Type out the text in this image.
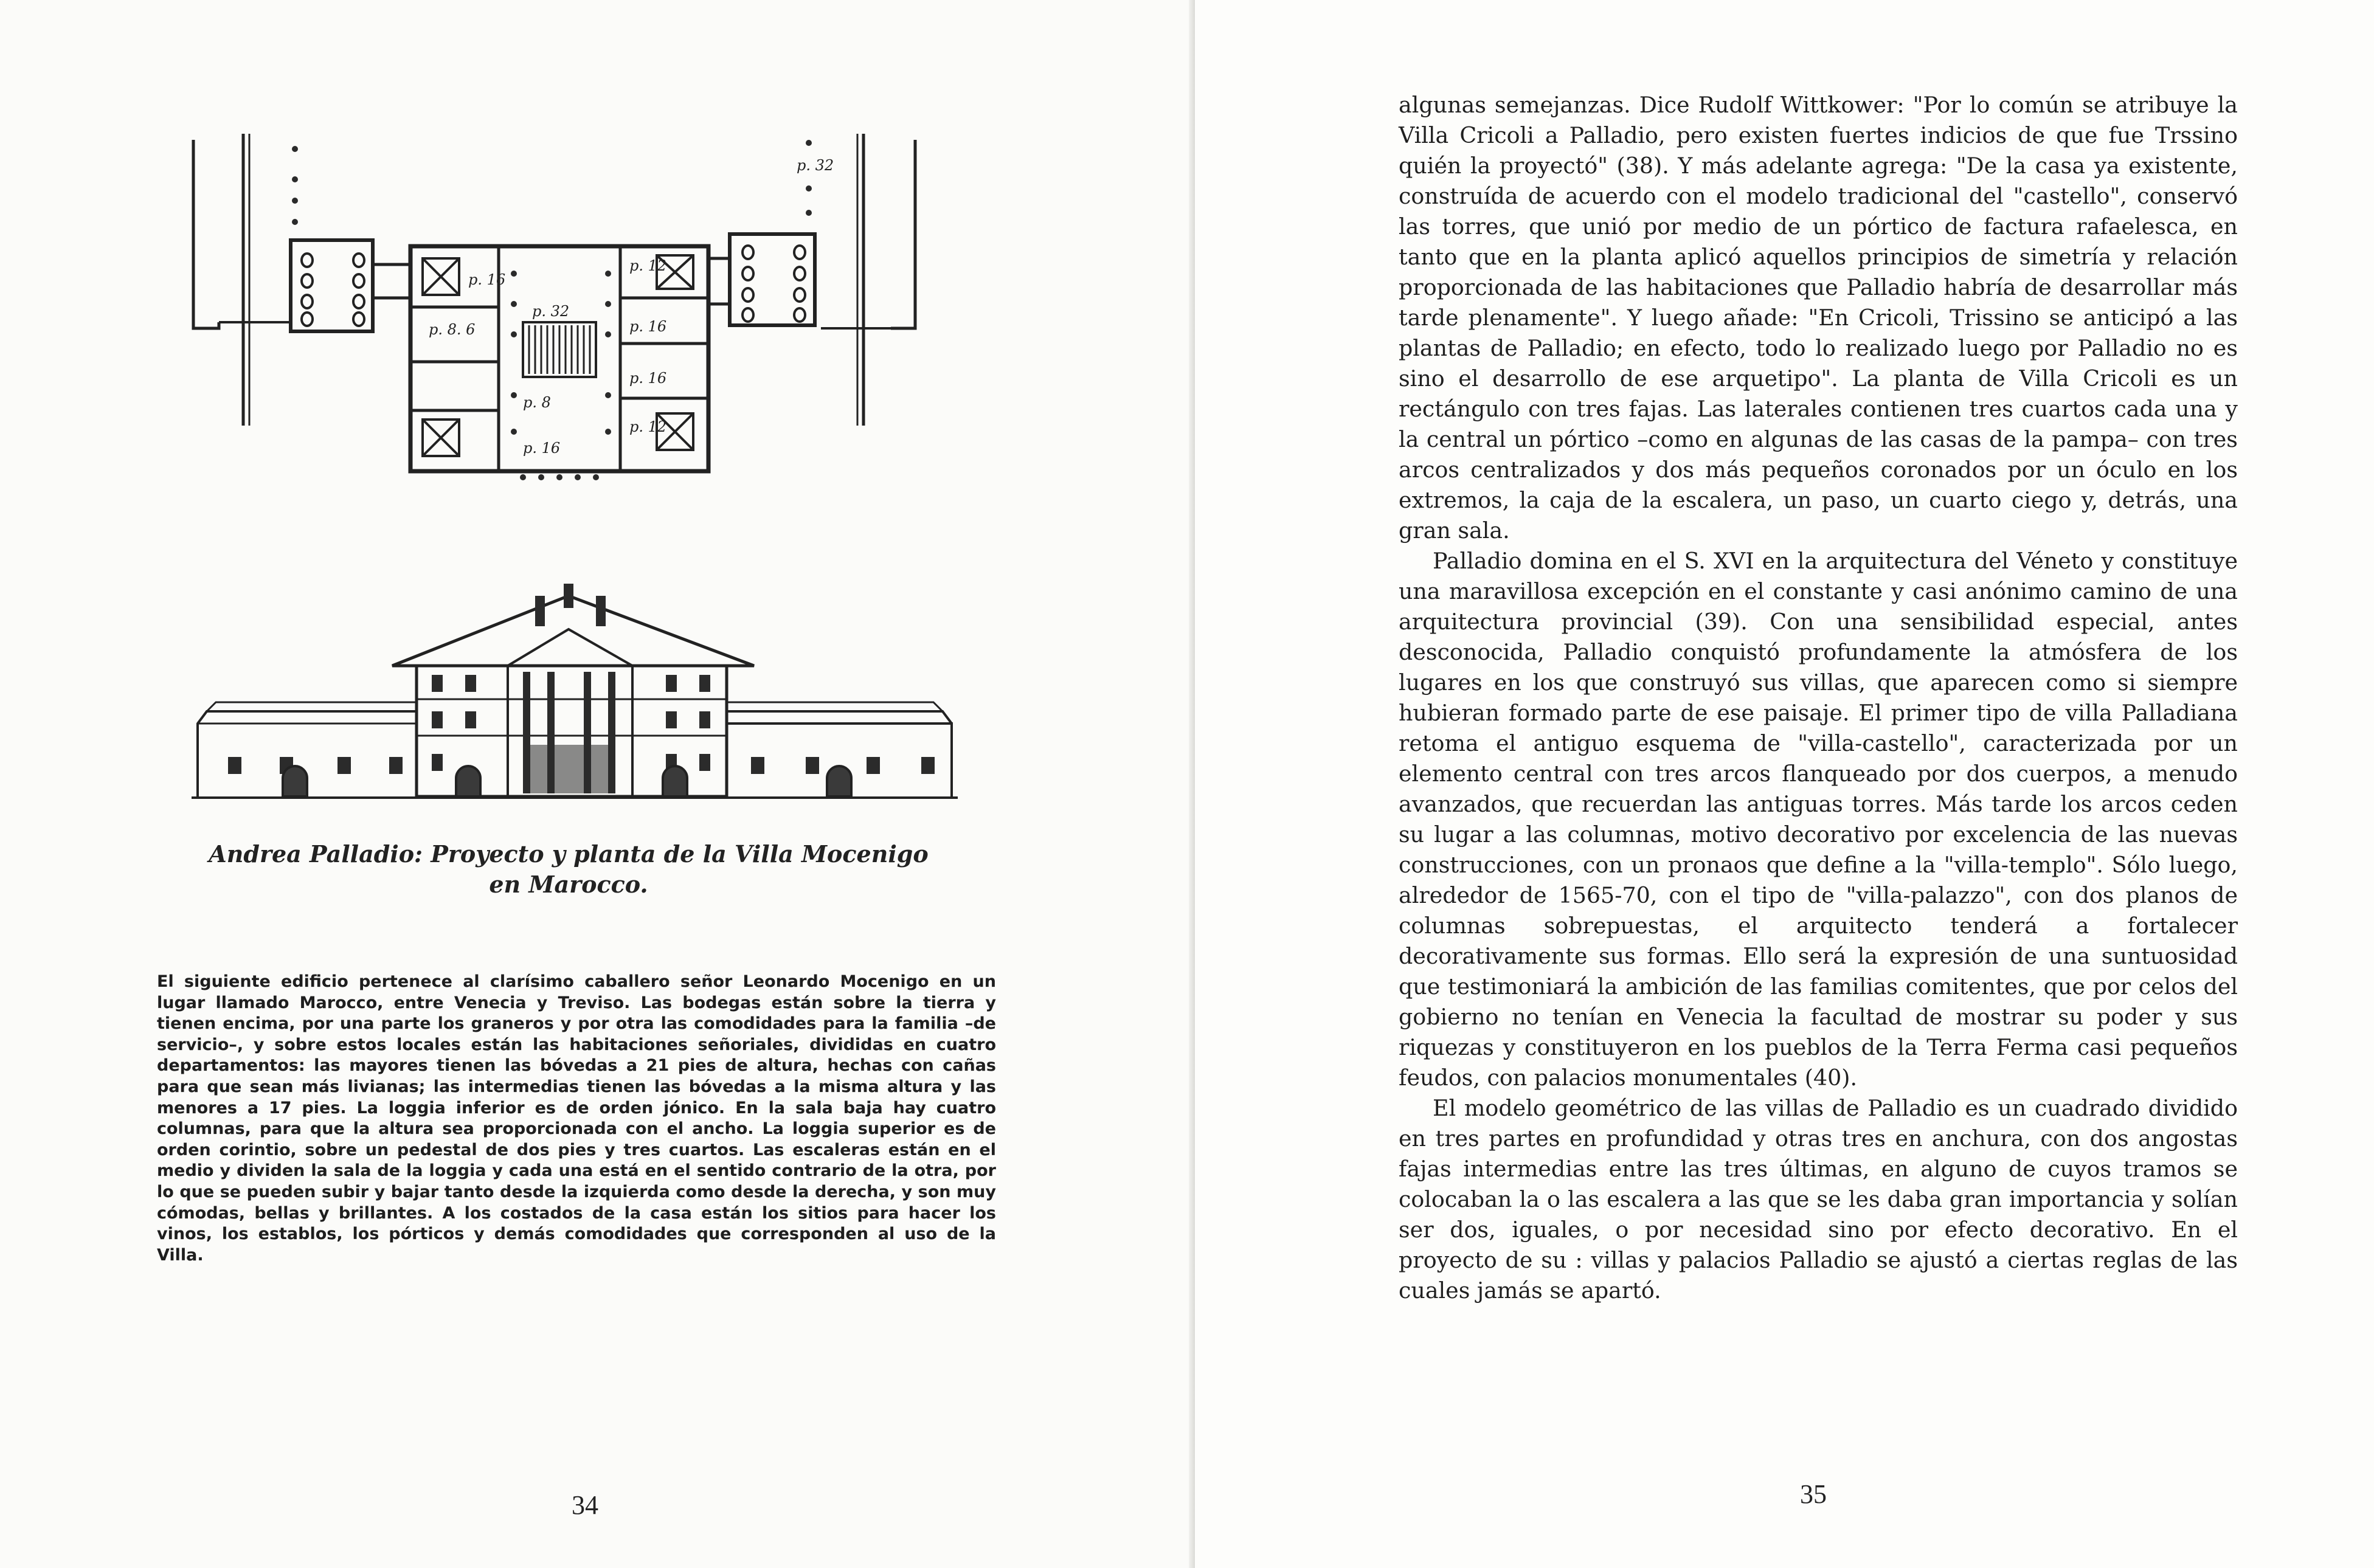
p. 16
p. 32
p. 8. 6
p. 12
p. 16
p. 16
p. 12
p. 8
p. 16
p. 32

Andrea Palladio: Proyecto y planta de la Villa Mocenigo
en Marocco.

El siguiente edificio pertenece al clarísimo caballero señor Leonardo Mocenigo en un lugar llamado Marocco, entre Venecia y Treviso. Las bodegas están sobre la tierra y tienen encima, por una parte los graneros y por otra las comodidades para la familia –de servicio–, y sobre estos locales están las habitaciones señoriales, divididas en cuatro departamentos: las mayores tienen las bóvedas a 21 pies de altura, hechas con cañas para que sean más livianas; las intermedias tienen las bóvedas a la misma altura y las menores a 17 pies. La loggia inferior es de orden jónico. En la sala baja hay cuatro columnas, para que la altura sea proporcionada con el ancho. La loggia superior es de orden corintio, sobre un pedestal de dos pies y tres cuartos. Las escaleras están en el medio y dividen la sala de la loggia y cada una está en el sentido contrario de la otra, por lo que se pueden subir y bajar tanto desde la izquierda como desde la derecha, y son muy cómodas, bellas y brillantes. A los costados de la casa están los sitios para hacer los vinos, los establos, los pórticos y demás comodidades que corresponden al uso de la Villa.

34

algunas semejanzas. Dice Rudolf Wittkower: "Por lo común se atribuye la Villa Cricoli a Palladio, pero existen fuertes indicios de que fue Trssino quién la proyectó" (38). Y más adelante agrega: "De la casa ya existente, construída de acuerdo con el modelo tradicional del "castello", conservó las torres, que unió por medio de un pórtico de factura rafaelesca, en tanto que en la planta aplicó aquellos principios de simetría y relación proporcionada de las habitaciones que Palladio habría de desarrollar más tarde plenamente". Y luego añade: "En Cricoli, Trissino se anticipó a las plantas de Palladio; en efecto, todo lo realizado luego por Palladio no es sino el desarrollo de ese arquetipo". La planta de Villa Cricoli es un rectángulo con tres fajas. Las laterales contienen tres cuartos cada una y la central un pórtico –como en algunas de las casas de la pampa– con tres arcos centralizados y dos más pequeños coronados por un óculo en los extremos, la caja de la escalera, un paso, un cuarto ciego y, detrás, una gran sala.

Palladio domina en el S. XVI en la arquitectura del Véneto y constituye una maravillosa excepción en el constante y casi anónimo camino de una arquitectura provincial (39). Con una sensibilidad especial, antes desconocida, Palladio conquistó profundamente la atmósfera de los lugares en los que construyó sus villas, que aparecen como si siempre hubieran formado parte de ese paisaje. El primer tipo de villa Palladiana retoma el antiguo esquema de "villa-castello", caracterizada por un elemento central con tres arcos flanqueado por dos cuerpos, a menudo avanzados, que recuerdan las antiguas torres. Más tarde los arcos ceden su lugar a las columnas, motivo decorativo por excelencia de las nuevas construcciones, con un pronaos que define a la "villa-templo". Sólo luego, alrededor de 1565-70, con el tipo de "villa-palazzo", con dos planos de columnas sobrepuestas, el arquitecto tenderá a fortalecer decorativamente sus formas. Ello será la expresión de una suntuosidad que testimoniará la ambición de las familias comitentes, que por celos del gobierno no tenían en Venecia la facultad de mostrar su poder y sus riquezas y constituyeron en los pueblos de la Terra Ferma casi pequeños feudos, con palacios monumentales (40).

El modelo geométrico de las villas de Palladio es un cuadrado dividido en tres partes en profundidad y otras tres en anchura, con dos angostas fajas intermedias entre las tres últimas, en alguno de cuyos tramos se colocaban la o las escalera a las que se les daba gran importancia y solían ser dos, iguales, o por necesidad sino por efecto decorativo. En el proyecto de su : villas y palacios Palladio se ajustó a ciertas reglas de las cuales jamás se apartó.

35
